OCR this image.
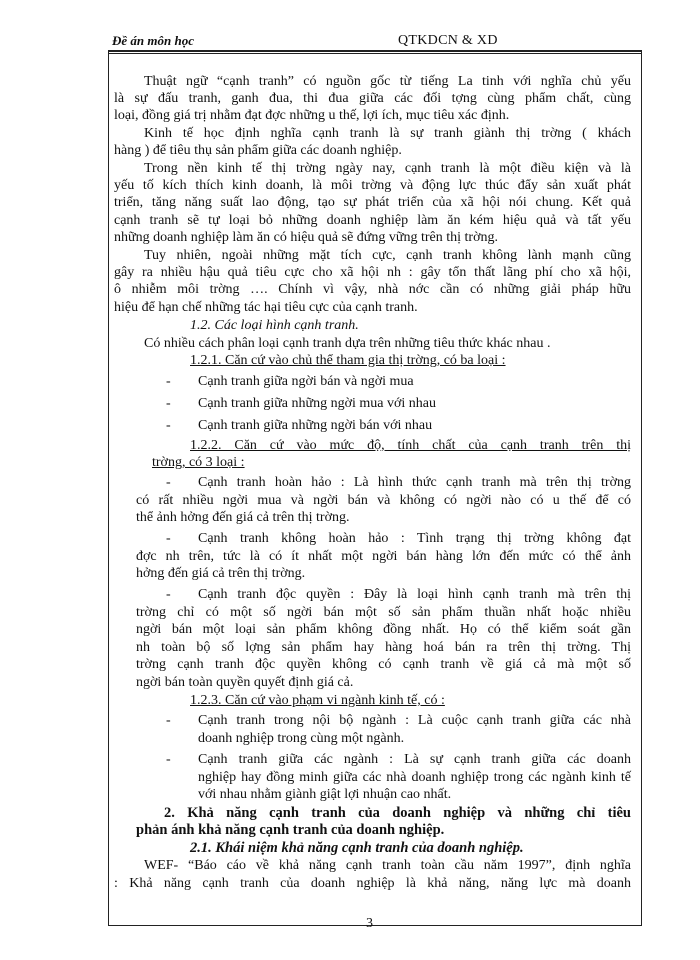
Đề án môn học	QTKDCN & XD
Thuật ngữ “cạnh tranh” có nguồn gốc từ tiếng La tinh với nghĩa chủ yếu
là sự đấu tranh, ganh đua, thi đua giữa các đối tợng cùng phẩm chất, cùng
loại, đồng giá trị nhằm đạt đợc những u thế, lợi ích, mục tiêu xác định.
Kinh tế học định nghĩa cạnh tranh là sự tranh giành thị trờng ( khách
hàng ) để tiêu thụ sản phẩm giữa các doanh nghiệp.
Trong nền kinh tế thị trờng ngày nay, cạnh tranh là một điều kiện và là
yếu tố kích thích kinh doanh, là môi trờng và động lực thúc đẩy sản xuất phát
triển, tăng năng suất lao động, tạo sự phát triển của xã hội nói chung. Kết quả
cạnh tranh sẽ tự loại bỏ những doanh nghiệp làm ăn kém hiệu quả và tất yếu
những doanh nghiệp làm ăn có hiệu quả sẽ đứng vững trên thị trờng.
Tuy nhiên, ngoài những mặt tích cực, cạnh tranh không lành mạnh cũng
gây ra nhiều hậu quả tiêu cực cho xã hội nh : gây tổn thất lãng phí cho xã hội,
ô nhiễm môi trờng …. Chính vì vậy, nhà nớc cần có những giải pháp hữu
hiệu để hạn chế những tác hại tiêu cực của cạnh tranh.
1.2. Các loại hình cạnh tranh.
Có nhiều cách phân loại cạnh tranh dựa trên những tiêu thức khác nhau .
1.2.1. Căn cứ vào chủ thể tham gia thị trờng, có ba loại :
- Cạnh tranh giữa ngời bán và ngời mua
- Cạnh tranh giữa những ngời mua với nhau
- Cạnh tranh giữa những ngời bán với nhau
1.2.2. Căn cứ vào mức độ, tính chất của cạnh tranh trên thị
trờng, có 3 loại :
- Cạnh tranh hoàn hảo : Là hình thức cạnh tranh mà trên thị trờng
có rất nhiều ngời mua và ngời bán và không có ngời nào có u thế để có
thể ảnh hởng đến giá cả trên thị trờng.
- Cạnh tranh không hoàn hảo : Tình trạng thị trờng không đạt
đợc nh trên, tức là có ít nhất một ngời bán hàng lớn đến mức có thể ảnh
hởng đến giá cả trên thị trờng.
- Cạnh tranh độc quyền : Đây là loại hình cạnh tranh mà trên thị
trờng chỉ có một số ngời bán một số sản phẩm thuần nhất hoặc nhiều
ngời bán một loại sản phẩm không đồng nhất. Họ có thể kiểm soát gần
nh toàn bộ số lợng sản phẩm hay hàng hoá bán ra trên thị trờng. Thị
trờng cạnh tranh độc quyền không có cạnh tranh về giá cả mà một số
ngời bán toàn quyền quyết định giá cả.
1.2.3. Căn cứ vào phạm vi ngành kinh tế, có :
- Cạnh tranh trong nội bộ ngành : Là cuộc cạnh tranh giữa các nhà
doanh nghiệp trong cùng một ngành.
- Cạnh tranh giữa các ngành : Là sự cạnh tranh giữa các doanh
nghiệp hay đồng minh giữa các nhà doanh nghiệp trong các ngành kinh tế
với nhau nhằm giành giật lợi nhuận cao nhất.
2. Khả năng cạnh tranh của doanh nghiệp và những chỉ tiêu
phản ánh khả năng cạnh tranh của doanh nghiệp.
2.1. Khái niệm khả năng cạnh tranh của doanh nghiệp.
WEF- “Báo cáo về khả năng cạnh tranh toàn cầu năm 1997”, định nghĩa
: Khả năng cạnh tranh của doanh nghiệp là khả năng, năng lực mà doanh
3
